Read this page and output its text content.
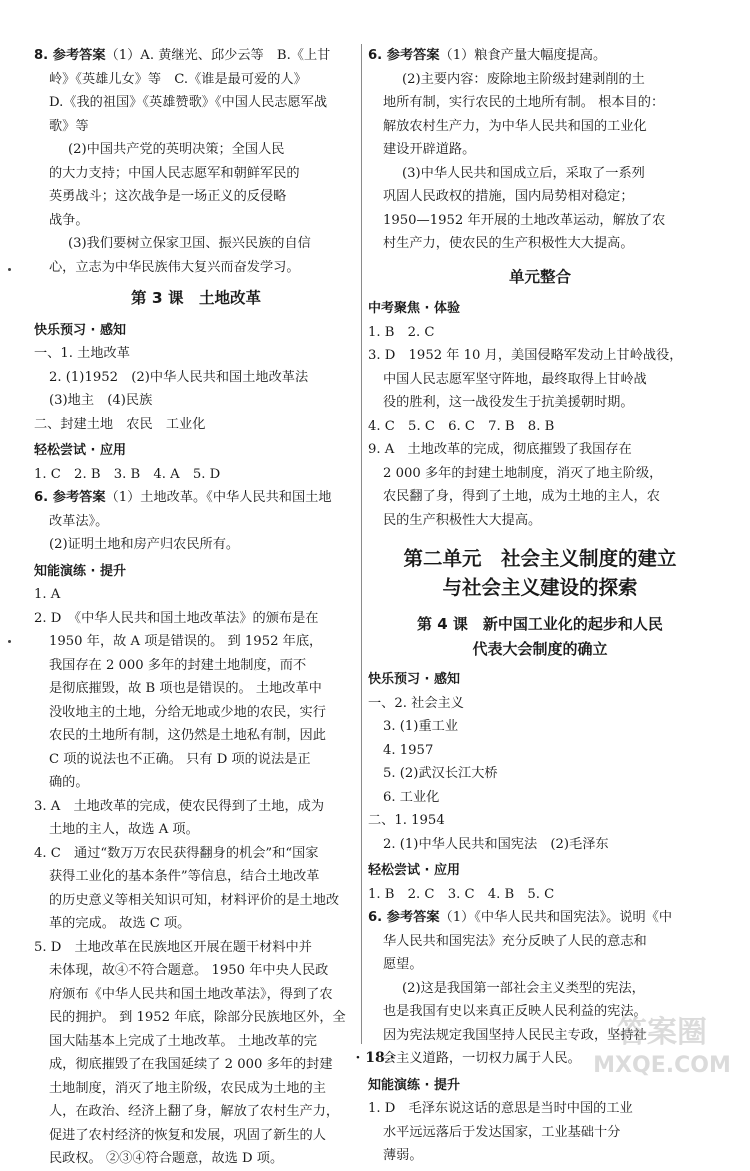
8. 参考答案（1）A. 黄继光、邱少云等　B.《上甘
岭》《英雄儿女》等　C.《谁是最可爱的人》
D.《我的祖国》《英雄赞歌》《中国人民志愿军战
歌》等
(2)中国共产党的英明决策；全国人民
的大力支持；中国人民志愿军和朝鲜军民的
英勇战斗；这次战争是一场正义的反侵略
战争。
(3)我们要树立保家卫国、振兴民族的自信
心，立志为中华民族伟大复兴而奋发学习。
第 3 课　土地改革
快乐预习 · 感知
一、1. 土地改革
2. (1)1952　(2)中华人民共和国土地改革法
(3)地主　(4)民族
二、封建土地　农民　工业化
轻松尝试 · 应用
1. C　2. B　3. B　4. A　5. D
6. 参考答案（1）土地改革。《中华人民共和国土地
改革法》。
(2)证明土地和房产归农民所有。
知能演练 · 提升
1. A
2. D　《中华人民共和国土地改革法》的颁布是在
1950 年，故 A 项是错误的。 到 1952 年底，
我国存在 2 000 多年的封建土地制度，而不
是彻底摧毁，故 B 项也是错误的。 土地改革中
没收地主的土地，分给无地或少地的农民，实行
农民的土地所有制，这仍然是土地私有制，因此
C 项的说法也不正确。 只有 D 项的说法是正
确的。
3. A　土地改革的完成，使农民得到了土地，成为
土地的主人，故选 A 项。
4. C　通过“数万万农民获得翻身的机会”和“国家
获得工业化的基本条件”等信息，结合土地改革
的历史意义等相关知识可知，材料评价的是土地改
革的完成。 故选 C 项。
5. D　土地改革在民族地区开展在题干材料中并
未体现，故④不符合题意。 1950 年中央人民政
府颁布《中华人民共和国土地改革法》，得到了农
民的拥护。 到 1952 年底，除部分民族地区外，全
国大陆基本上完成了土地改革。 土地改革的完
成，彻底摧毁了在我国延续了 2 000 多年的封建
土地制度，消灭了地主阶级，农民成为土地的主
人，在政治、经济上翻了身，解放了农村生产力，
促进了农村经济的恢复和发展，巩固了新生的人
民政权。 ②③④符合题意，故选 D 项。
6. 参考答案（1）粮食产量大幅度提高。
(2)主要内容：废除地主阶级封建剥削的土
地所有制，实行农民的土地所有制。 根本目的：
解放农村生产力，为中华人民共和国的工业化
建设开辟道路。
(3)中华人民共和国成立后，采取了一系列
巩固人民政权的措施，国内局势相对稳定；
1950—1952 年开展的土地改革运动，解放了农
村生产力，使农民的生产积极性大大提高。
单元整合
中考聚焦 · 体验
1. B　2. C
3. D　1952 年 10 月，美国侵略军发动上甘岭战役，
中国人民志愿军坚守阵地，最终取得上甘岭战
役的胜利，这一战役发生于抗美援朝时期。
4. C　5. C　6. C　7. B　8. B
9. A　土地改革的完成，彻底摧毁了我国存在
2 000 多年的封建土地制度，消灭了地主阶级，
农民翻了身，得到了土地，成为土地的主人，农
民的生产积极性大大提高。
第二单元　社会主义制度的建立
与社会主义建设的探索
第 4 课　新中国工业化的起步和人民
代表大会制度的确立
快乐预习 · 感知
一、2. 社会主义
3. (1)重工业
4. 1957
5. (2)武汉长江大桥
6. 工业化
二、1. 1954
2. (1)中华人民共和国宪法　(2)毛泽东
轻松尝试 · 应用
1. B　2. C　3. C　4. B　5. C
6. 参考答案（1）《中华人民共和国宪法》。说明《中
华人民共和国宪法》充分反映了人民的意志和
愿望。
(2)这是我国第一部社会主义类型的宪法，
也是我国有史以来真正反映人民利益的宪法。
因为宪法规定我国坚持人民民主专政，坚持社
会主义道路，一切权力属于人民。
知能演练 · 提升
1. D　毛泽东说这话的意思是当时中国的工业
水平远远落后于发达国家，工业基础十分
薄弱。
· 18 ·
答案圈
MXQE.COM
